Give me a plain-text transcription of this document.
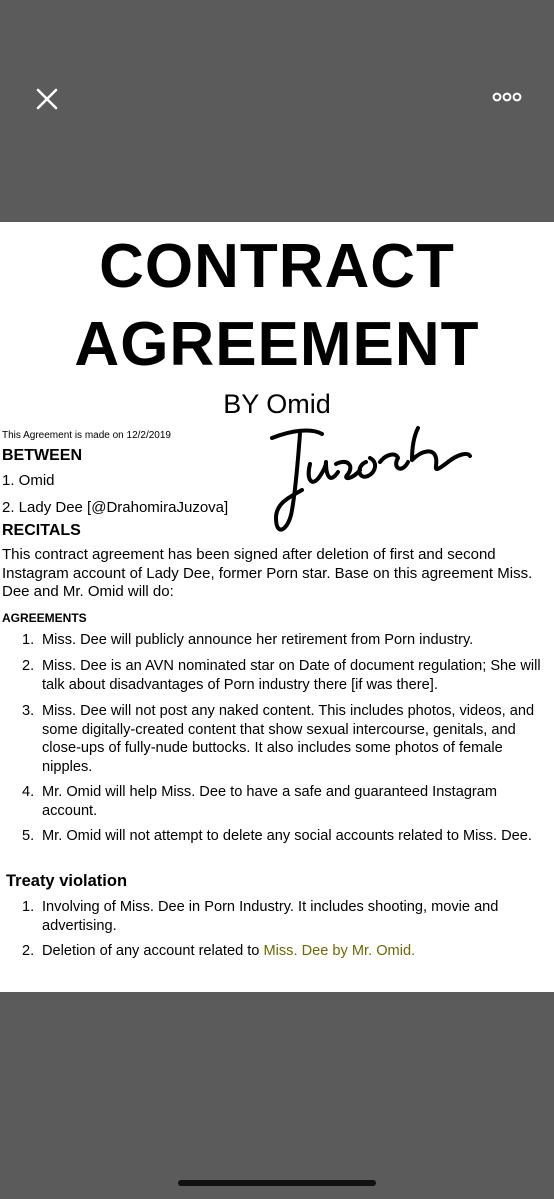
CONTRACT
AGREEMENT
BY Omid
This Agreement is made on 12/2/2019
BETWEEN
1. Omid
2. Lady Dee [@DrahomiraJuzova]
RECITALS
This contract agreement has been signed after deletion of first and second Instagram account of Lady Dee, former Porn star. Base on this agreement Miss. Dee and Mr. Omid will do:
AGREEMENTS
1. Miss. Dee will publicly announce her retirement from Porn industry.
2. Miss. Dee is an AVN nominated star on Date of document regulation; She will talk about disadvantages of Porn industry there [if was there].
3. Miss. Dee will not post any naked content. This includes photos, videos, and some digitally-created content that show sexual intercourse, genitals, and close-ups of fully-nude buttocks. It also includes some photos of female nipples.
4. Mr. Omid will help Miss. Dee to have a safe and guaranteed Instagram account.
5. Mr. Omid will not attempt to delete any social accounts related to Miss. Dee.
Treaty violation
1. Involving of Miss. Dee in Porn Industry. It includes shooting, movie and advertising.
2. Deletion of any account related to Miss. Dee by Mr. Omid.
